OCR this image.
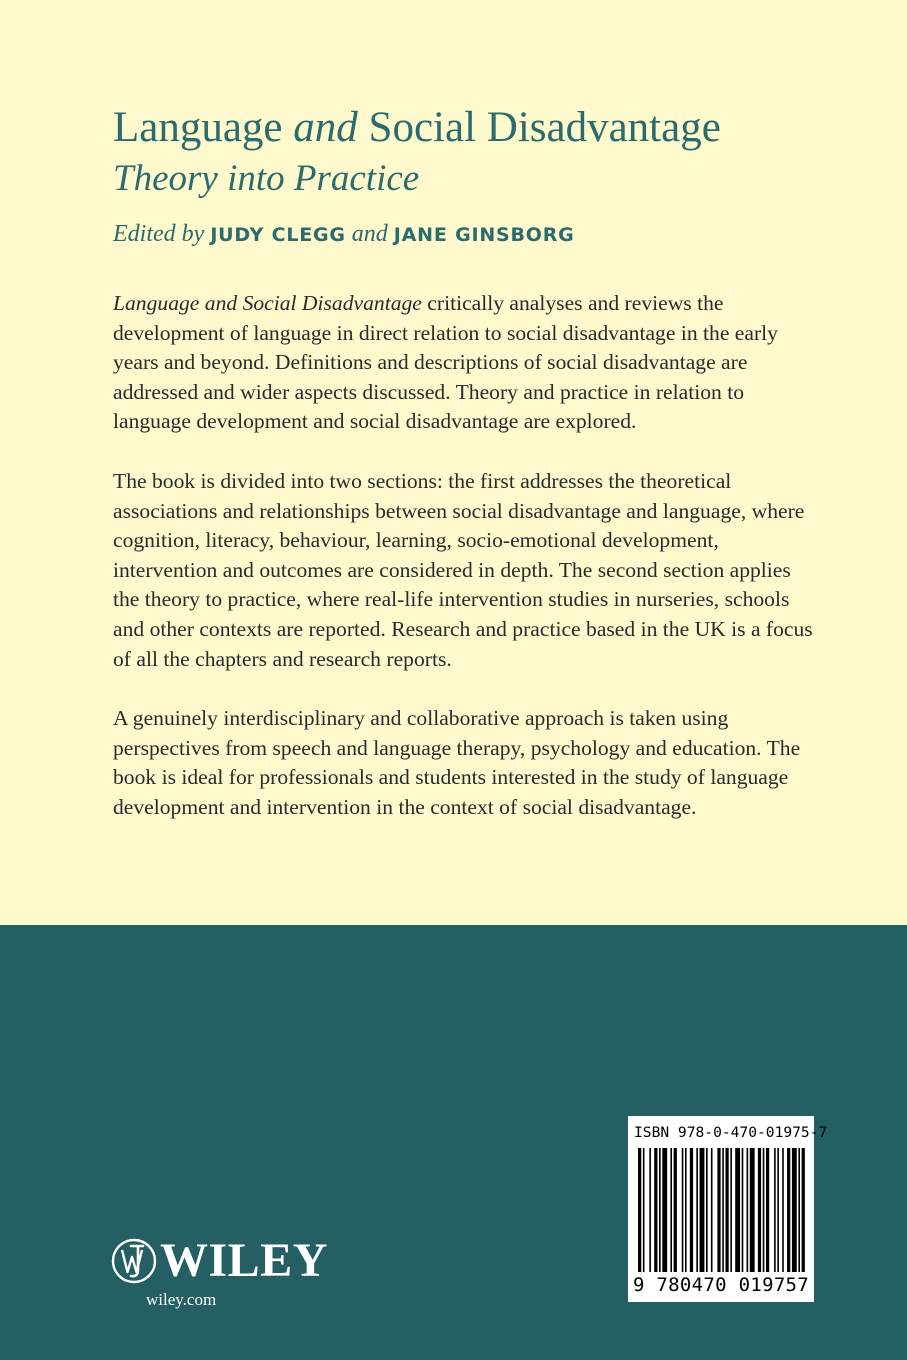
Language and Social Disadvantage
Theory into Practice
Edited by JUDY CLEGG and JANE GINSBORG

Language and Social Disadvantage critically analyses and reviews the development of language in direct relation to social disadvantage in the early years and beyond. Definitions and descriptions of social disadvantage are addressed and wider aspects discussed. Theory and practice in relation to language development and social disadvantage are explored.

The book is divided into two sections: the first addresses the theoretical associations and relationships between social disadvantage and language, where cognition, literacy, behaviour, learning, socio-emotional development, intervention and outcomes are considered in depth. The second section applies the theory to practice, where real-life intervention studies in nurseries, schools and other contexts are reported. Research and practice based in the UK is a focus of all the chapters and research reports.

A genuinely interdisciplinary and collaborative approach is taken using perspectives from speech and language therapy, psychology and education. The book is ideal for professionals and students interested in the study of language development and intervention in the context of social disadvantage.

WILEY
wiley.com
ISBN 978-0-470-01975-7
9 780470 019757
